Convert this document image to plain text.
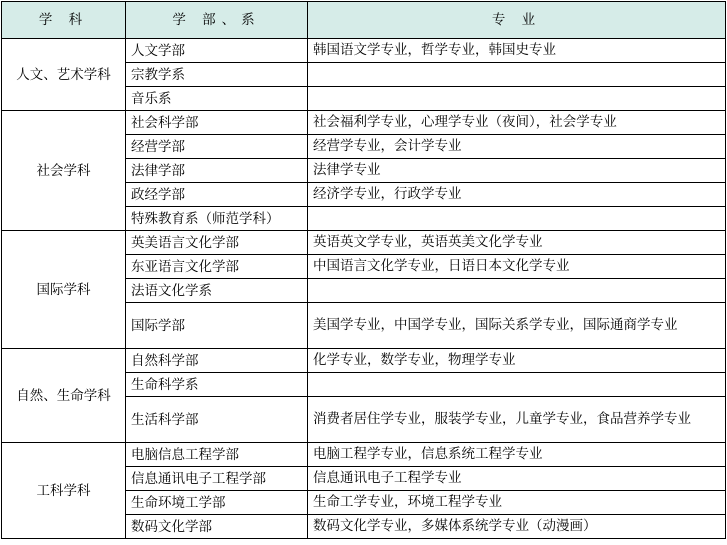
学 科	学 部、系	专 业
人文、艺术学科	人文学部	韩国语文学专业，哲学专业，韩国史专业
	宗教学系	
	音乐系	
社会学科	社会科学部	社会福利学专业，心理学专业（夜间），社会学专业
	经营学部	经营学专业，会计学专业
	法律学部	法律学专业
	政经学部	经济学专业，行政学专业
	特殊教育系（师范学科）	
国际学科	英美语言文化学部	英语英文学专业，英语英美文化学专业
	东亚语言文化学部	中国语言文化学专业，日语日本文化学专业
	法语文化学系	
	国际学部	美国学专业，中国学专业，国际关系学专业，国际通商学专业
自然、生命学科	自然科学部	化学专业，数学专业，物理学专业
	生命科学系	
	生活科学部	消费者居住学专业，服装学专业，儿童学专业，食品营养学专业
工科学科	电脑信息工程学部	电脑工程学专业，信息系统工程学专业
	信息通讯电子工程学部	信息通讯电子工程学专业
	生命环境工学部	生命工学专业，环境工程学专业
	数码文化学部	数码文化学专业，多媒体系统学专业（动漫画）
